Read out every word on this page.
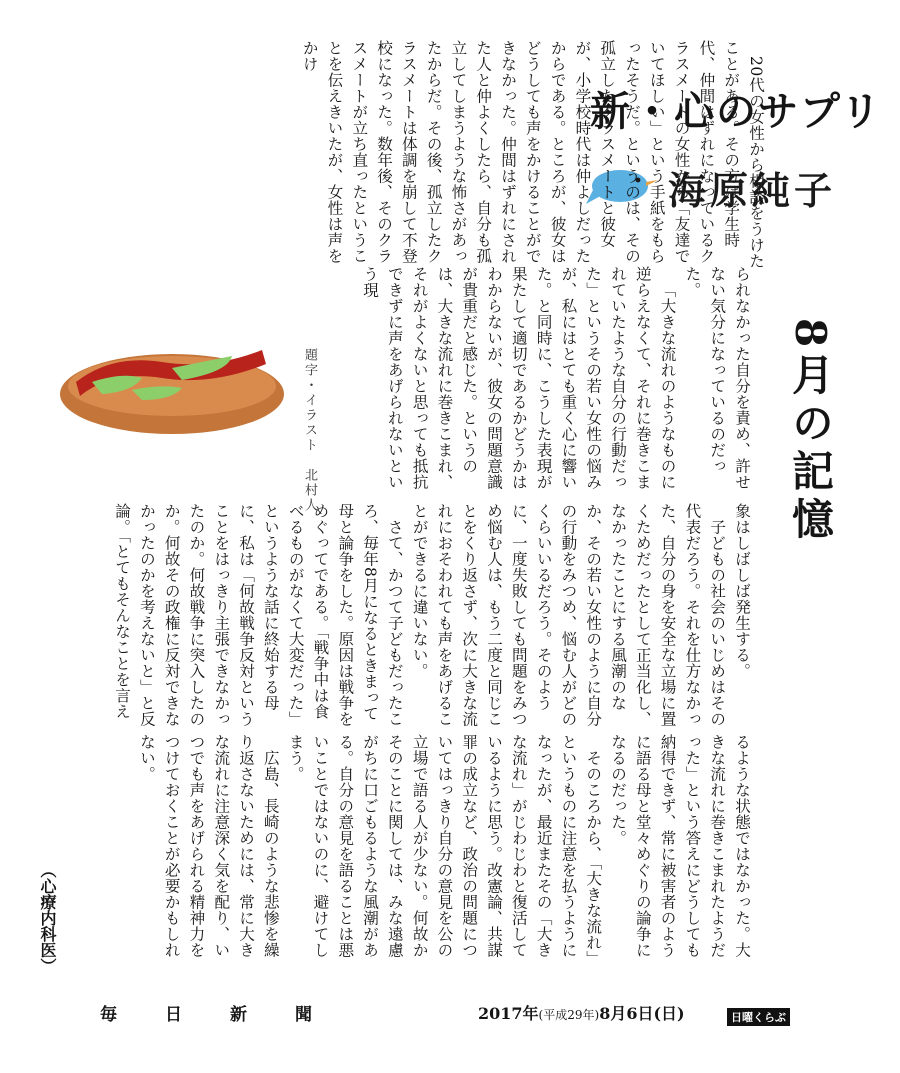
新・心のサプリ
海原純子
8月の記憶

20代の女性から相談をうけたことがある。その方は学生時代、仲間はずれになっているクラスメートの女性から「友達でいてほしい」という手紙をもらったそうだ。というのは、その孤立したクラスメートと彼女が、小学校時代は仲よしだったからである。ところが、彼女はどうしても声をかけることができなかった。仲間はずれにされた人と仲よくしたら、自分も孤立してしまうような怖さがあったからだ。その後、孤立したクラスメートは体調を崩して不登校になった。数年後、そのクラスメートが立ち直ったということを伝えきいたが、女性は声をかけ

られなかった自分を責め、許せない気分になっているのだった。

「大きな流れのようなものに逆らえなくて、それに巻きこまれていたような自分の行動だった」というその若い女性の悩みが、私にはとても重く心に響いた。と同時に、こうした表現が果たして適切であるかどうかはわからないが、彼女の問題意識が貴重だと感じた。というのは、大きな流れに巻きこまれ、それがよくないと思っても抵抗できずに声をあげられないという現

象はしばしば発生する。

子どもの社会のいじめはその代表だろう。それを仕方なかった、自分の身を安全な立場に置くためだったとして正当化し、なかったことにする風潮のなか、その若い女性のように自分の行動をみつめ、悩む人がどのくらいいるだろう。そのように、一度失敗しても問題をみつめ悩む人は、もう二度と同じことをくり返さず、次に大きな流れにおそわれても声をあげることができるに違いない。

さて、かつて子どもだったころ、毎年8月になるときまって母と論争をした。原因は戦争をめぐってである。「戦争中は食べるものがなくて大変だった」というような話に終始する母に、私は「何故戦争反対という ことをはっきり主張できなかったのか。何故戦争に突入したのか。何故その政権に反対できなかったのかを考えないと」と反論。「とてもそんなことを言え

るような状態ではなかった。大きな流れに巻きこまれたようだった」という答えにどうしても納得できず、常に被害者のように語る母と堂々めぐりの論争になるのだった。

そのころから、「大きな流れ」というものに注意を払うようになったが、最近またその「大きな流れ」がじわじわと復活しているように思う。改憲論、共謀罪の成立など、政治の問題についてはっきり自分の意見を公の立場で語る人が少ない。何故かそのことに関しては、みな遠慮がちに口ごもるような風潮がある。自分の意見を語ることは悪いことではないのに、避けてしまう。

広島、長崎のような悲惨を繰り返さないためには、常に大きな流れに注意深く気を配り、いつでも声をあげられる精神力をつけておくことが必要かもしれない。

題字・イラスト　北村人
（心療内科医）
毎日新聞	2017年(平成29年)8月6日(日)	日曜くらぶ
